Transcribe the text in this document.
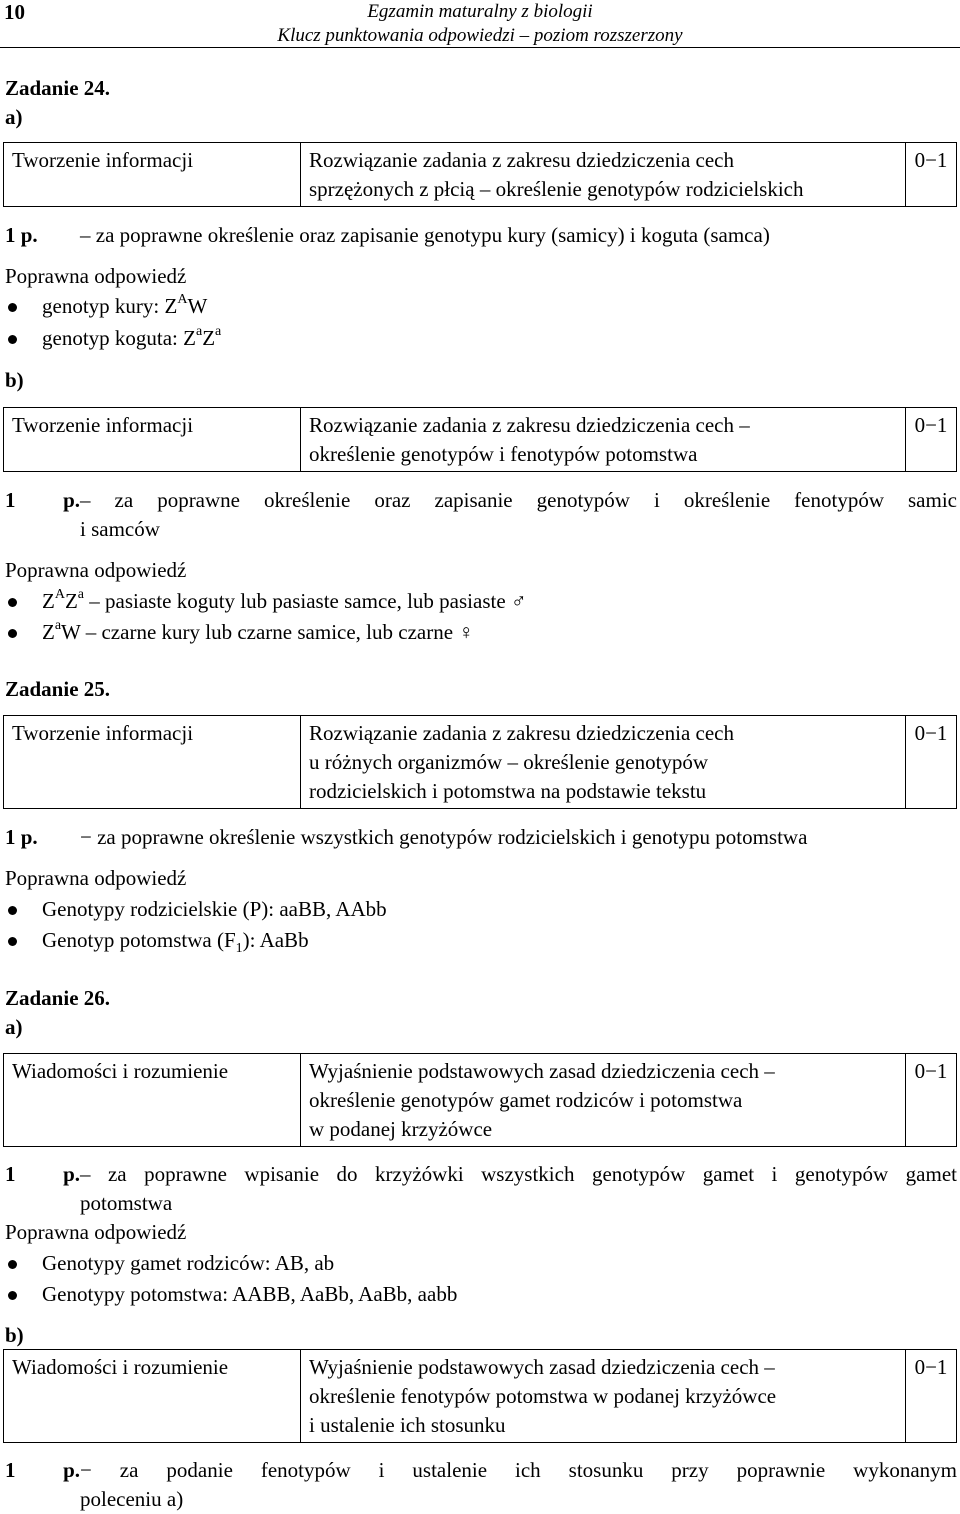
10	Egzamin maturalny z biologii
Klucz punktowania odpowiedzi – poziom rozszerzony
Zadanie 24.
a)
Tworzenie informacji	Rozwiązanie zadania z zakresu dziedziczenia cech
sprzężonych z płcią – określenie genotypów rodzicielskich	0−1
1 p. – za poprawne określenie oraz zapisanie genotypu kury (samicy) i koguta (samca)
Poprawna odpowiedź
genotyp kury: $Z^AW$
genotyp koguta: $Z^aZ^a$
b)
Tworzenie informacji	Rozwiązanie zadania z zakresu dziedziczenia cech –
określenie genotypów i fenotypów potomstwa	0−1
1 p.– za poprawne określenie oraz zapisanie genotypów i określenie fenotypów samic
i samców
Poprawna odpowiedź
$Z^AZ^a$ – pasiaste koguty lub pasiaste samce, lub pasiaste ♂
$Z^aW$ – czarne kury lub czarne samice, lub czarne ♀
Zadanie 25.
Tworzenie informacji	Rozwiązanie zadania z zakresu dziedziczenia cech
u różnych organizmów – określenie genotypów
rodzicielskich i potomstwa na podstawie tekstu	0−1
1 p. − za poprawne określenie wszystkich genotypów rodzicielskich i genotypu potomstwa
Poprawna odpowiedź
Genotypy rodzicielskie (P): aaBB, AAbb
Genotyp potomstwa $(F_1)$: AaBb
Zadanie 26.
a)
Wiadomości i rozumienie	Wyjaśnienie podstawowych zasad dziedziczenia cech –
określenie genotypów gamet rodziców i potomstwa
w podanej krzyżówce	0−1
1 p.– za poprawne wpisanie do krzyżówki wszystkich genotypów gamet i genotypów gamet
potomstwa
Poprawna odpowiedź
Genotypy gamet rodziców: AB, ab
Genotypy potomstwa: AABB, AaBb, AaBb, aabb
b)
Wiadomości i rozumienie	Wyjaśnienie podstawowych zasad dziedziczenia cech –
określenie fenotypów potomstwa w podanej krzyżówce
i ustalenie ich stosunku	0−1
1 p.− za podanie fenotypów i ustalenie ich stosunku przy poprawnie wykonanym
poleceniu a)
